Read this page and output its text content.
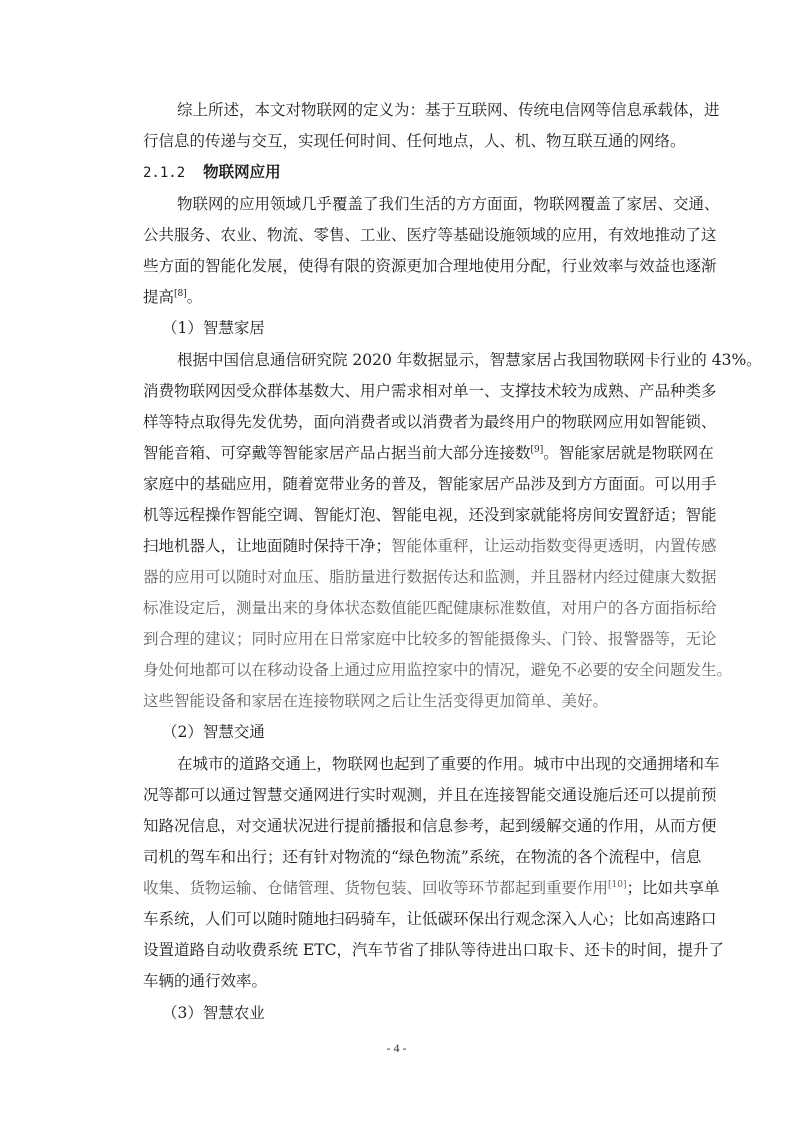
综上所述，本文对物联网的定义为：基于互联网、传统电信网等信息承载体，进
行信息的传递与交互，实现任何时间、任何地点，人、机、物互联互通的网络。
2.1.2 物联网应用
物联网的应用领域几乎覆盖了我们生活的方方面面，物联网覆盖了家居、交通、
公共服务、农业、物流、零售、工业、医疗等基础设施领域的应用，有效地推动了这
些方面的智能化发展，使得有限的资源更加合理地使用分配，行业效率与效益也逐渐
提高[8]。
（1）智慧家居
根据中国信息通信研究院 2020 年数据显示，智慧家居占我国物联网卡行业的 43%。
消费物联网因受众群体基数大、用户需求相对单一、支撑技术较为成熟、产品种类多
样等特点取得先发优势，面向消费者或以消费者为最终用户的物联网应用如智能锁、
智能音箱、可穿戴等智能家居产品占据当前大部分连接数[9]。智能家居就是物联网在
家庭中的基础应用，随着宽带业务的普及，智能家居产品涉及到方方面面。可以用手
机等远程操作智能空调、智能灯泡、智能电视，还没到家就能将房间安置舒适；智能
扫地机器人，让地面随时保持干净；智能体重秤，让运动指数变得更透明，内置传感
器的应用可以随时对血压、脂肪量进行数据传达和监测，并且器材内经过健康大数据
标准设定后，测量出来的身体状态数值能匹配健康标准数值，对用户的各方面指标给
到合理的建议；同时应用在日常家庭中比较多的智能摄像头、门铃、报警器等，无论
身处何地都可以在移动设备上通过应用监控家中的情况，避免不必要的安全问题发生。
这些智能设备和家居在连接物联网之后让生活变得更加简单、美好。
（2）智慧交通
在城市的道路交通上，物联网也起到了重要的作用。城市中出现的交通拥堵和车
况等都可以通过智慧交通网进行实时观测，并且在连接智能交通设施后还可以提前预
知路况信息，对交通状况进行提前播报和信息参考，起到缓解交通的作用，从而方便
司机的驾车和出行；还有针对物流的“绿色物流”系统，在物流的各个流程中，信息
收集、货物运输、仓储管理、货物包装、回收等环节都起到重要作用[10]；比如共享单
车系统，人们可以随时随地扫码骑车，让低碳环保出行观念深入人心；比如高速路口
设置道路自动收费系统 ETC，汽车节省了排队等待进出口取卡、还卡的时间，提升了
车辆的通行效率。
（3）智慧农业
- 4 -
